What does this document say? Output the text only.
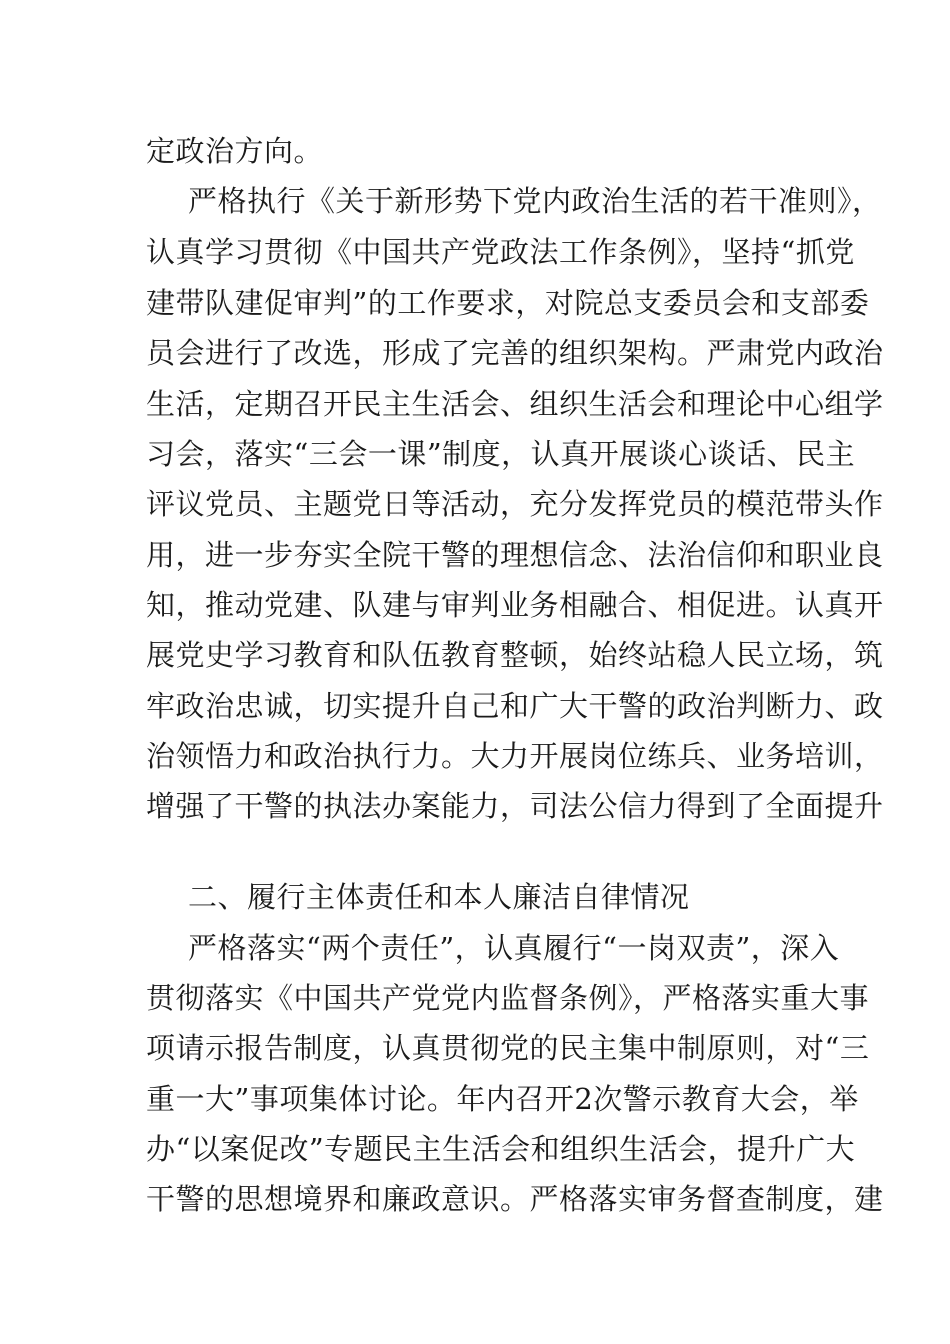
定政治方向。

严格执行《关于新形势下党内政治生活的若干准则》，

认真学习贯彻《中国共产党政法工作条例》，坚持“抓党

建带队建促审判”的工作要求，对院总支委员会和支部委

员会进行了改选，形成了完善的组织架构。严肃党内政治

生活，定期召开民主生活会、组织生活会和理论中心组学

习会，落实“三会一课”制度，认真开展谈心谈话、民主

评议党员、主题党日等活动，充分发挥党员的模范带头作

用，进一步夯实全院干警的理想信念、法治信仰和职业良

知，推动党建、队建与审判业务相融合、相促进。认真开

展党史学习教育和队伍教育整顿，始终站稳人民立场，筑

牢政治忠诚，切实提升自己和广大干警的政治判断力、政

治领悟力和政治执行力。大力开展岗位练兵、业务培训，

增强了干警的执法办案能力，司法公信力得到了全面提升

二、履行主体责任和本人廉洁自律情况

严格落实“两个责任”，认真履行“一岗双责”，深入

贯彻落实《中国共产党党内监督条例》，严格落实重大事

项请示报告制度，认真贯彻党的民主集中制原则，对“三

重一大”事项集体讨论。年内召开2次警示教育大会，举

办“以案促改”专题民主生活会和组织生活会，提升广大

干警的思想境界和廉政意识。严格落实审务督查制度，建
